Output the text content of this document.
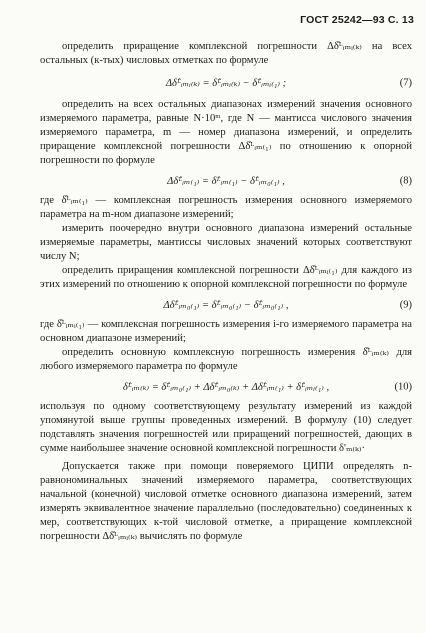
ГОСТ 25242—93 С. 13

определить приращение комплексной погрешности Δδ̂ᴸᵢₘᵢ₍ₖ₎ на всех остальных (к-тых) числовых отметках по формуле

Δδ̂ᴸᵢₘᵢ₍ₖ₎ = δ̂ᴸᵢₘᵢ₍ₖ₎ − δ̂ᴸᵢₘᵢ₍₁₎ ;	(7)

определить на всех остальных диапазонах измерений значения основного измеряемого параметра, равные N·10ᵐ, где N — мантисса числового значения измеряемого параметра, m — номер диапазона измерений, и определить приращение комплексной погрешности Δδ̂ᴸᵢₘ₍₁₎ по отношению к опорной погрешности по формуле

Δδ̂ᴸᵢₘ₍₁₎ = δ̂ᴸᵢₘ₍₁₎ − δ̂ᴸᵢₘ₀₍₁₎ ,	(8)

где δ̂ᴸᵢₘ₍₁₎ — комплексная погрешность измерения основного измеряемого параметра на m-ном диапазоне измерений;

измерить поочередно внутри основного диапазона измерений остальные измеряемые параметры, мантиссы числовых значений которых соответствуют числу N;

определить приращения комплексной погрешности Δδ̂ᴸᵢₘᵢ₍₁₎ для каждого из этих измерений по отношению к опорной комплексной погрешности по формуле

Δδ̂ᴸᵢₘ₀₍₁₎ = δ̂ᴸᵢₘ₀₍₁₎ − δ̂ᴸᵢₘ₀₍₁₎ ,	(9)

где δ̂ᴸᵢₘᵢ₍₁₎ — комплексная погрешность измерения i-го измеряемого параметра на основном диапазоне измерений;

определить основную комплексную погрешность измерения δ̂ᴸᵢₘ₍ₖ₎ для любого измеряемого параметра по формуле

δ̂ᴸᵢₘ₍ₖ₎ = δ̂ᴸᵢₘ₀₍₁₎ + Δδ̂ᴸᵢₘ₀₍ₖ₎ + Δδ̂ᴸᵢₘ₍₁₎ + δ̂ᴸᵢₘᵢ₍₁₎ ,	(10)

используя по одному соответствующему результату измерений из каждой упомянутой выше группы проведенных измерений. В формулу (10) следует подставлять значения погрешностей или приращений погрешностей, дающих в сумме наибольшее значение основной комплексной погрешности δ'ₘ₍ₖ₎·

Допускается также при помощи поверяемого ЦИПИ определять n-равнономинальных значений измеряемого параметра, соответствующих начальной (конечной) числовой отметке основного диапазона измерений, затем измерять эквивалентное значение параллельно (последовательно) соединенных к мер, соответствующих к-той числовой отметке, а приращение комплексной погрешности Δδ̂ᴸᵢₘᵢ₍ₖ₎ вычислять по формуле
